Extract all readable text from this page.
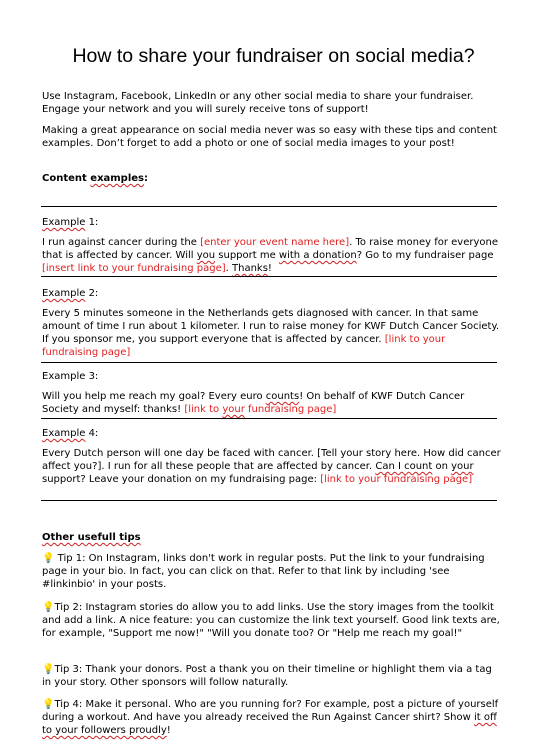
How to share your fundraiser on social media?

Use Instagram, Facebook, LinkedIn or any other social media to share your fundraiser. Engage your network and you will surely receive tons of support!

Making a great appearance on social media never was so easy with these tips and content examples. Don’t forget to add a photo or one of social media images to your post!

Content examples:

Example 1:

I run against cancer during the [enter your event name here]. To raise money for everyone that is affected by cancer. Will you support me with a donation? Go to my fundraiser page [insert link to your fundraising page]. Thanks!

Example 2:

Every 5 minutes someone in the Netherlands gets diagnosed with cancer. In that same amount of time I run about 1 kilometer. I run to raise money for KWF Dutch Cancer Society. If you sponsor me, you support everyone that is affected by cancer. [link to your fundraising page]

Example 3:

Will you help me reach my goal? Every euro counts! On behalf of KWF Dutch Cancer Society and myself: thanks! [link to your fundraising page]

Example 4:

Every Dutch person will one day be faced with cancer. [Tell your story here. How did cancer affect you?]. I run for all these people that are affected by cancer. Can I count on your support? Leave your donation on my fundraising page: [link to your fundraising page]

Other usefull tips

💡 Tip 1: On Instagram, links don't work in regular posts. Put the link to your fundraising page in your bio. In fact, you can click on that. Refer to that link by including 'see #linkinbio' in your posts.

💡Tip 2: Instagram stories do allow you to add links. Use the story images from the toolkit and add a link. A nice feature: you can customize the link text yourself. Good link texts are, for example, "Support me now!" "Will you donate too? Or "Help me reach my goal!"

💡Tip 3: Thank your donors. Post a thank you on their timeline or highlight them via a tag in your story. Other sponsors will follow naturally.

💡Tip 4: Make it personal. Who are you running for? For example, post a picture of yourself during a workout. And have you already received the Run Against Cancer shirt? Show it off to your followers proudly!
